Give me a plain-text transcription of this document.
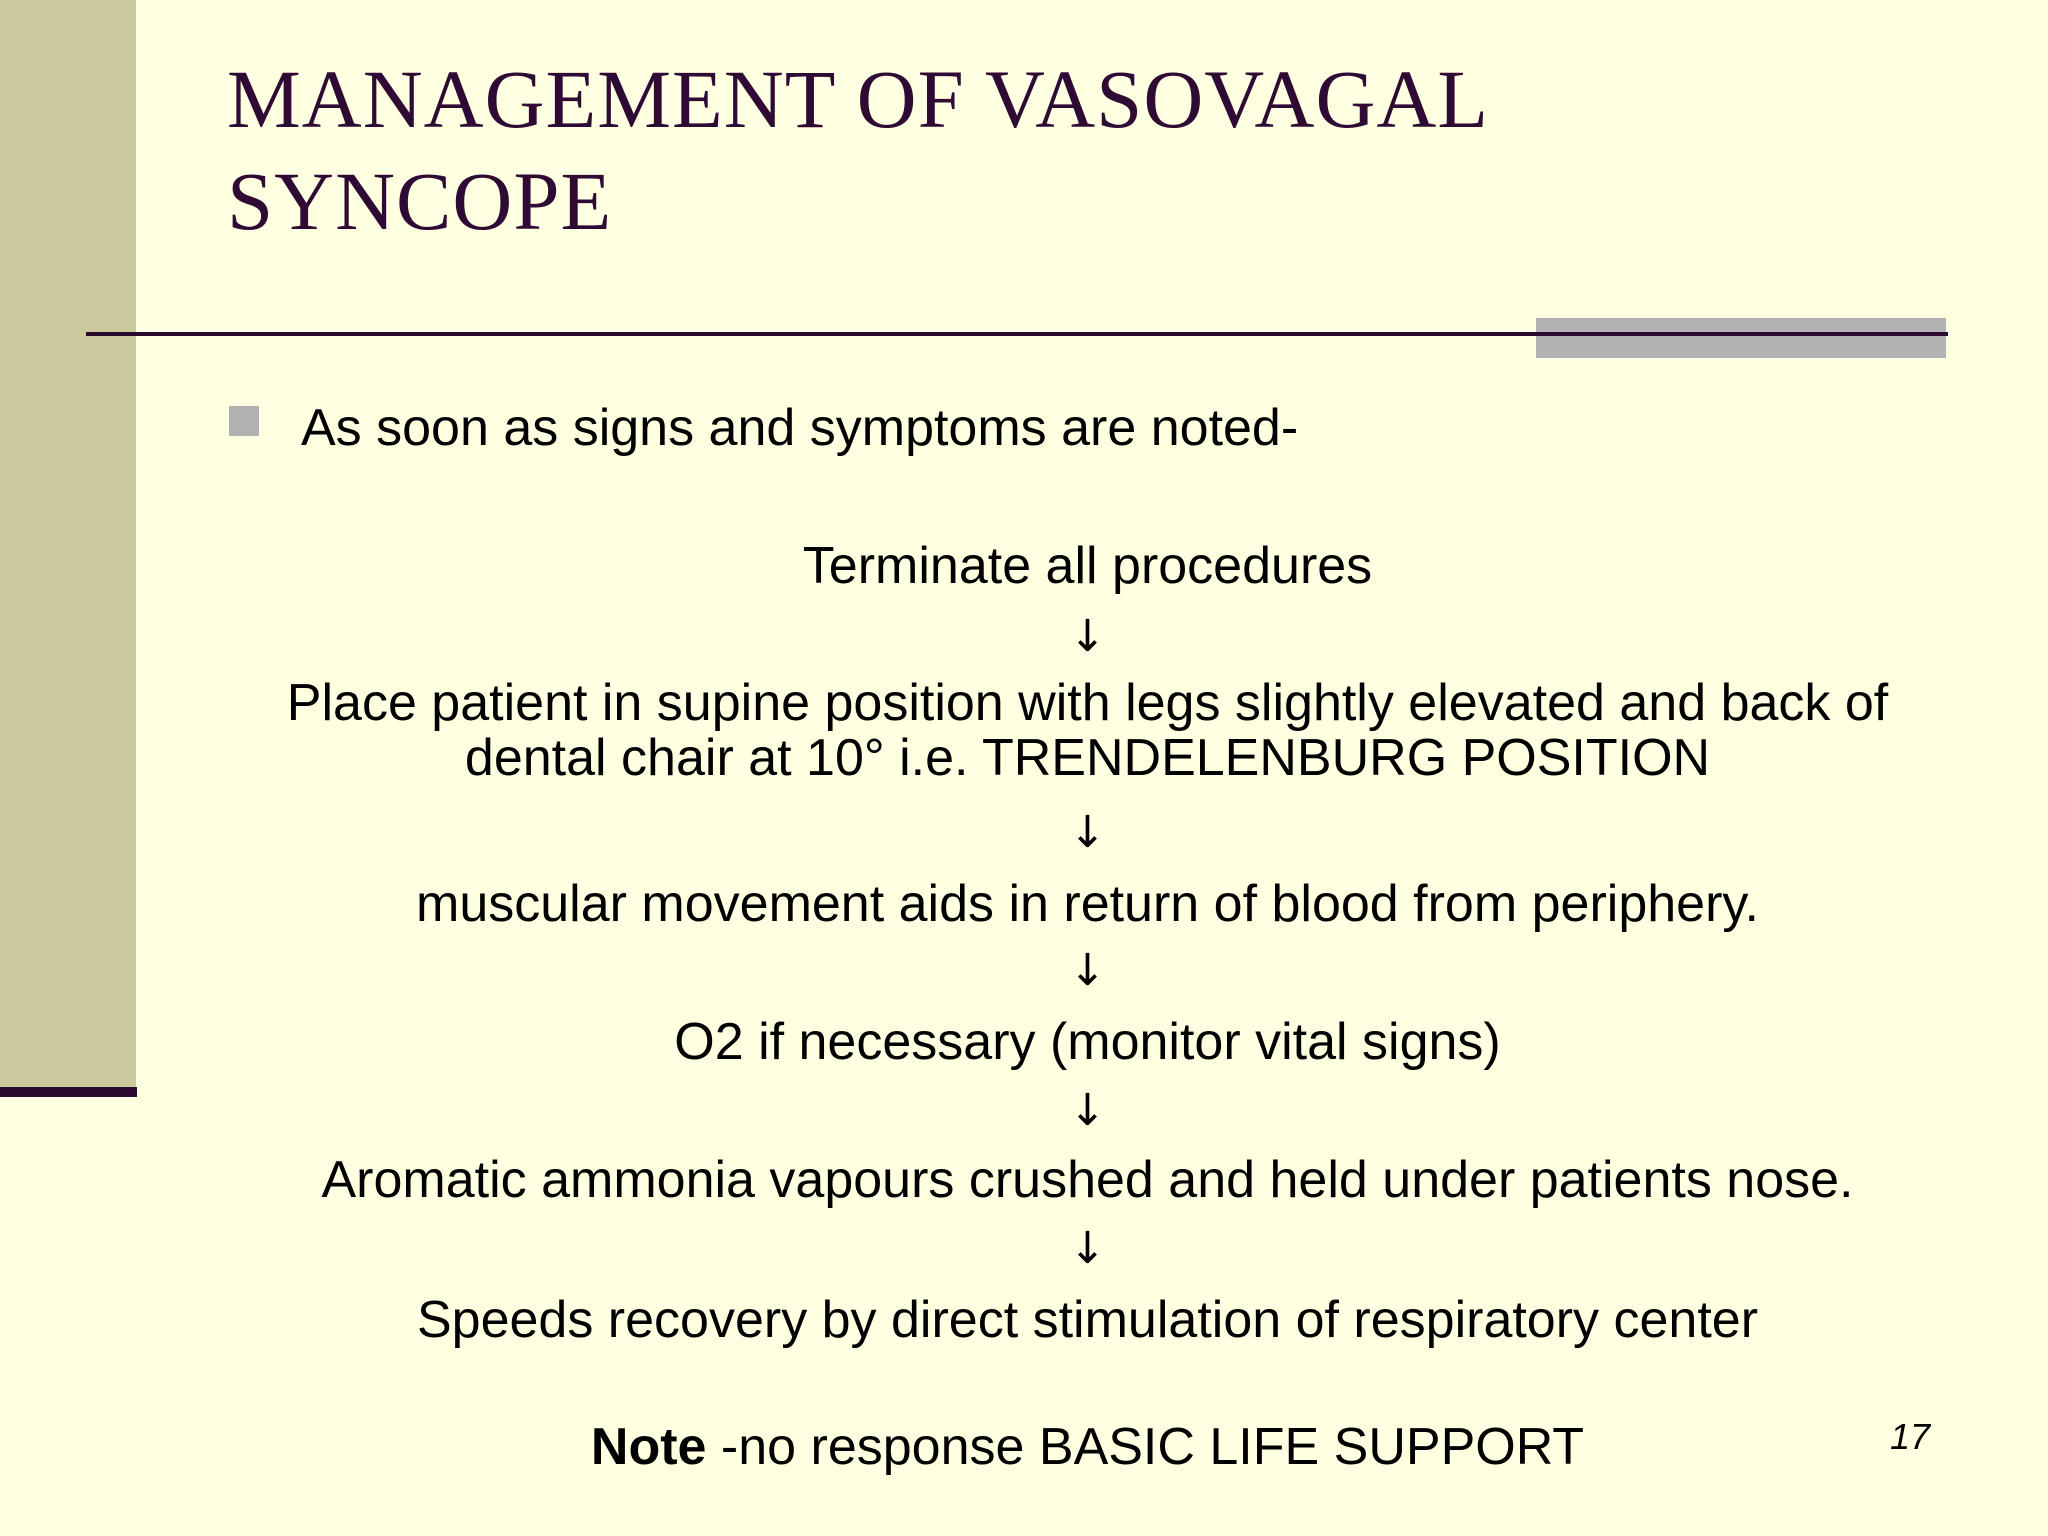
MANAGEMENT OF VASOVAGAL
SYNCOPE
As soon as signs and symptoms are noted-
Terminate all procedures
↓
Place patient in supine position with legs slightly elevated and back of dental chair at 10° i.e. TRENDELENBURG POSITION
↓
muscular movement aids in return of blood from periphery.
↓
O2 if necessary (monitor vital signs)
↓
Aromatic ammonia vapours crushed and held under patients nose.
↓
Speeds recovery by direct stimulation of respiratory center
Note -no response BASIC LIFE SUPPORT	17
